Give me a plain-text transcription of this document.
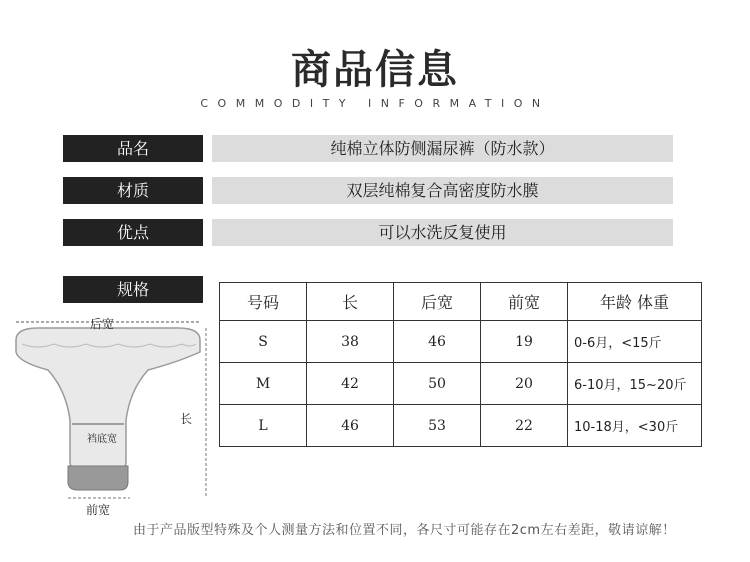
商品信息
COMMODITY INFORMATION
品名	纯棉立体防侧漏尿裤（防水款）
材质	双层纯棉复合高密度防水膜
优点	可以水洗反复使用
规格
后宽
长
裆底宽
前宽
号码	长	后宽	前宽	年龄 体重
S	38	46	19	0-6月，<15斤
M	42	50	20	6-10月，15~20斤
L	46	53	22	10-18月，<30斤
由于产品版型特殊及个人测量方法和位置不同，各尺寸可能存在2cm左右差距，敬请谅解！
